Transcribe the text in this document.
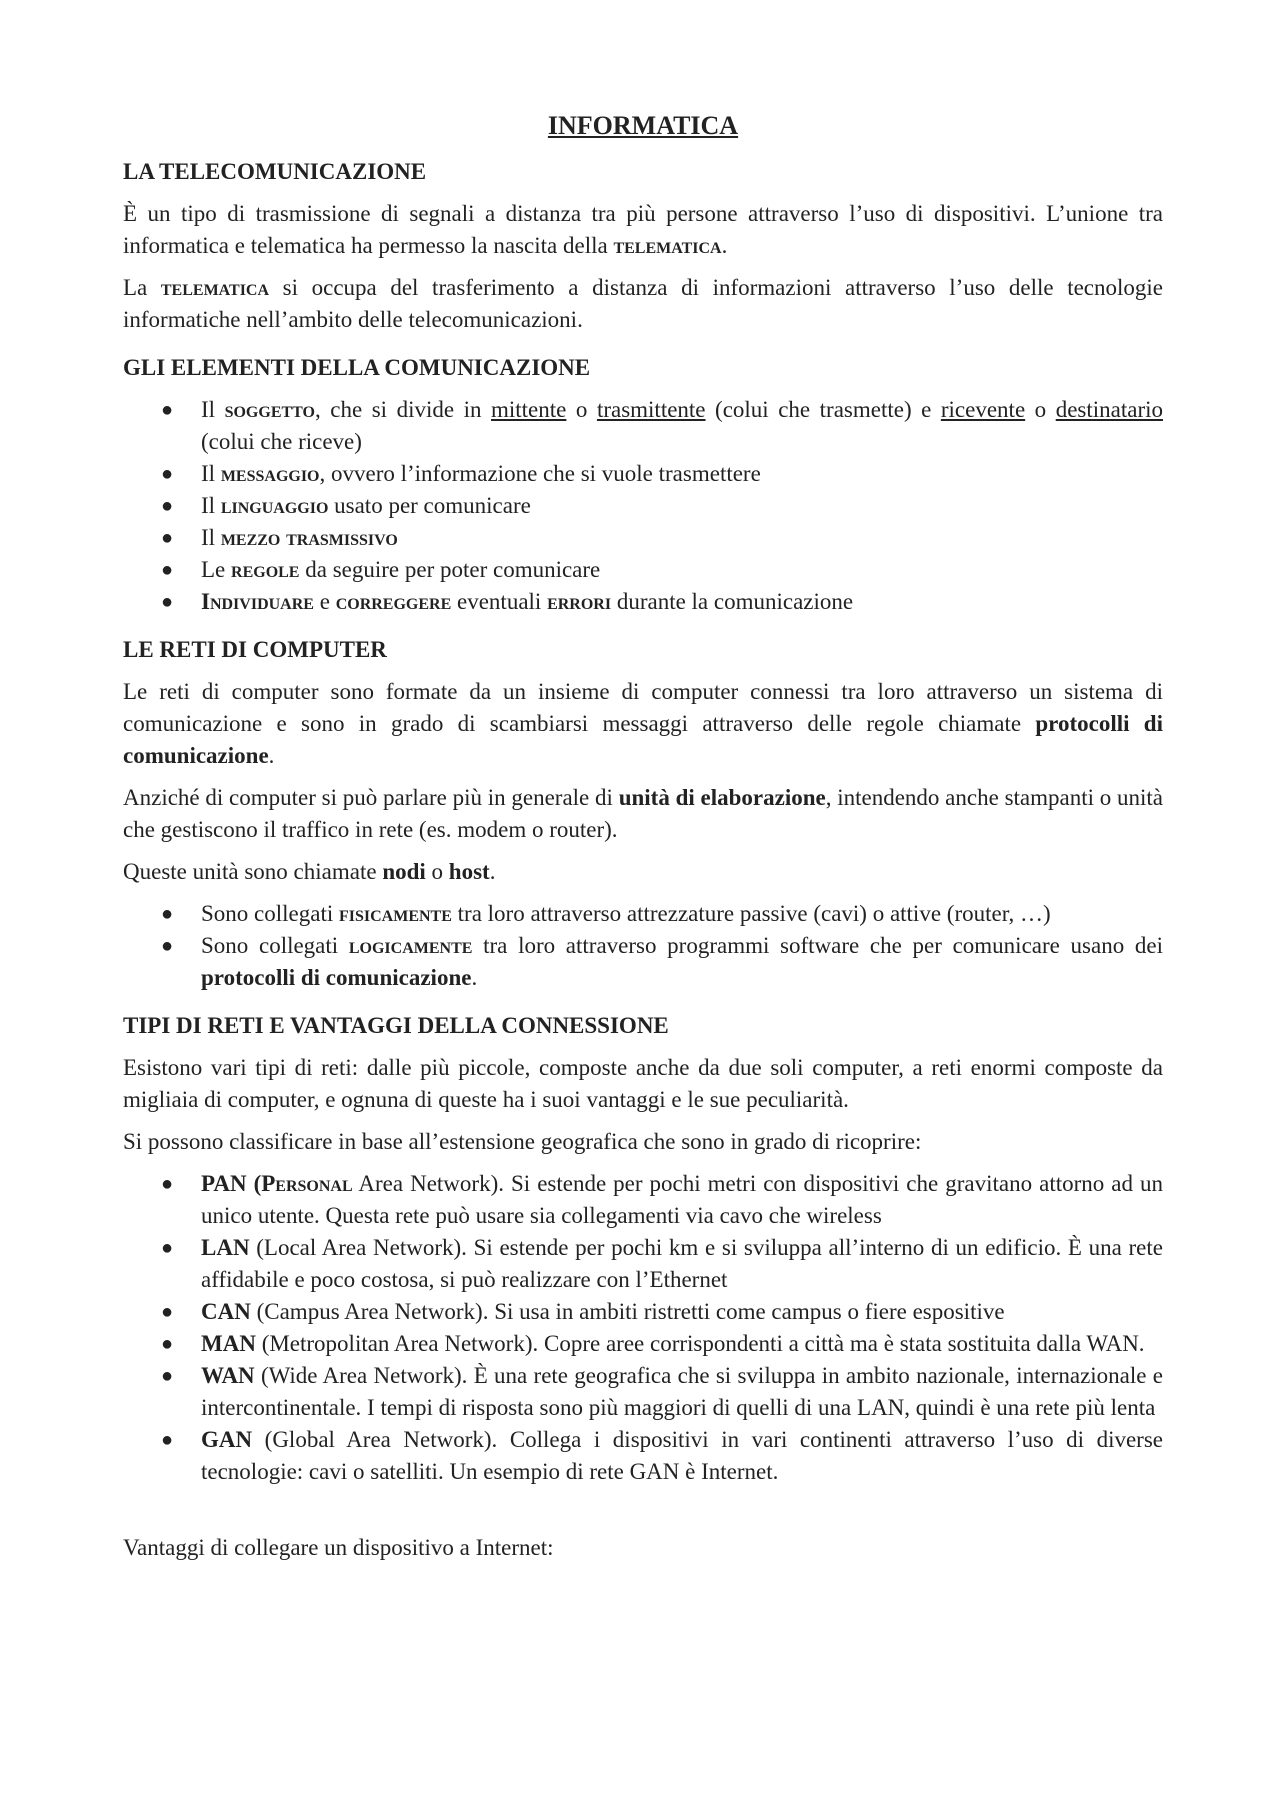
INFORMATICA
LA TELECOMUNICAZIONE

È un tipo di trasmissione di segnali a distanza tra più persone attraverso l’uso di dispositivi. L’unione tra informatica e telematica ha permesso la nascita della telematica.

La telematica si occupa del trasferimento a distanza di informazioni attraverso l’uso delle tecnologie informatiche nell’ambito delle telecomunicazioni.

GLI ELEMENTI DELLA COMUNICAZIONE
● Il soggetto, che si divide in mittente o trasmittente (colui che trasmette) e ricevente o destinatario (colui che riceve)
● Il messaggio, ovvero l’informazione che si vuole trasmettere
● Il linguaggio usato per comunicare
● Il mezzo trasmissivo
● Le regole da seguire per poter comunicare
● Individuare e correggere eventuali errori durante la comunicazione
LE RETI DI COMPUTER

Le reti di computer sono formate da un insieme di computer connessi tra loro attraverso un sistema di comunicazione e sono in grado di scambiarsi messaggi attraverso delle regole chiamate protocolli di comunicazione.

Anziché di computer si può parlare più in generale di unità di elaborazione, intendendo anche stampanti o unità che gestiscono il traffico in rete (es. modem o router).

Queste unità sono chiamate nodi o host.

● Sono collegati fisicamente tra loro attraverso attrezzature passive (cavi) o attive (router, …)
● Sono collegati logicamente tra loro attraverso programmi software che per comunicare usano dei protocolli di comunicazione.
TIPI DI RETI E VANTAGGI DELLA CONNESSIONE

Esistono vari tipi di reti: dalle più piccole, composte anche da due soli computer, a reti enormi composte da migliaia di computer, e ognuna di queste ha i suoi vantaggi e le sue peculiarità.

Si possono classificare in base all’estensione geografica che sono in grado di ricoprire:

● PAN (Personal Area Network). Si estende per pochi metri con dispositivi che gravitano attorno ad un unico utente. Questa rete può usare sia collegamenti via cavo che wireless
● LAN (Local Area Network). Si estende per pochi km e si sviluppa all’interno di un edificio. È una rete affidabile e poco costosa, si può realizzare con l’Ethernet
● CAN (Campus Area Network). Si usa in ambiti ristretti come campus o fiere espositive
● MAN (Metropolitan Area Network). Copre aree corrispondenti a città ma è stata sostituita dalla WAN.
● WAN (Wide Area Network). È una rete geografica che si sviluppa in ambito nazionale, internazionale e intercontinentale. I tempi di risposta sono più maggiori di quelli di una LAN, quindi è una rete più lenta
● GAN (Global Area Network). Collega i dispositivi in vari continenti attraverso l’uso di diverse tecnologie: cavi o satelliti. Un esempio di rete GAN è Internet.

Vantaggi di collegare un dispositivo a Internet:
